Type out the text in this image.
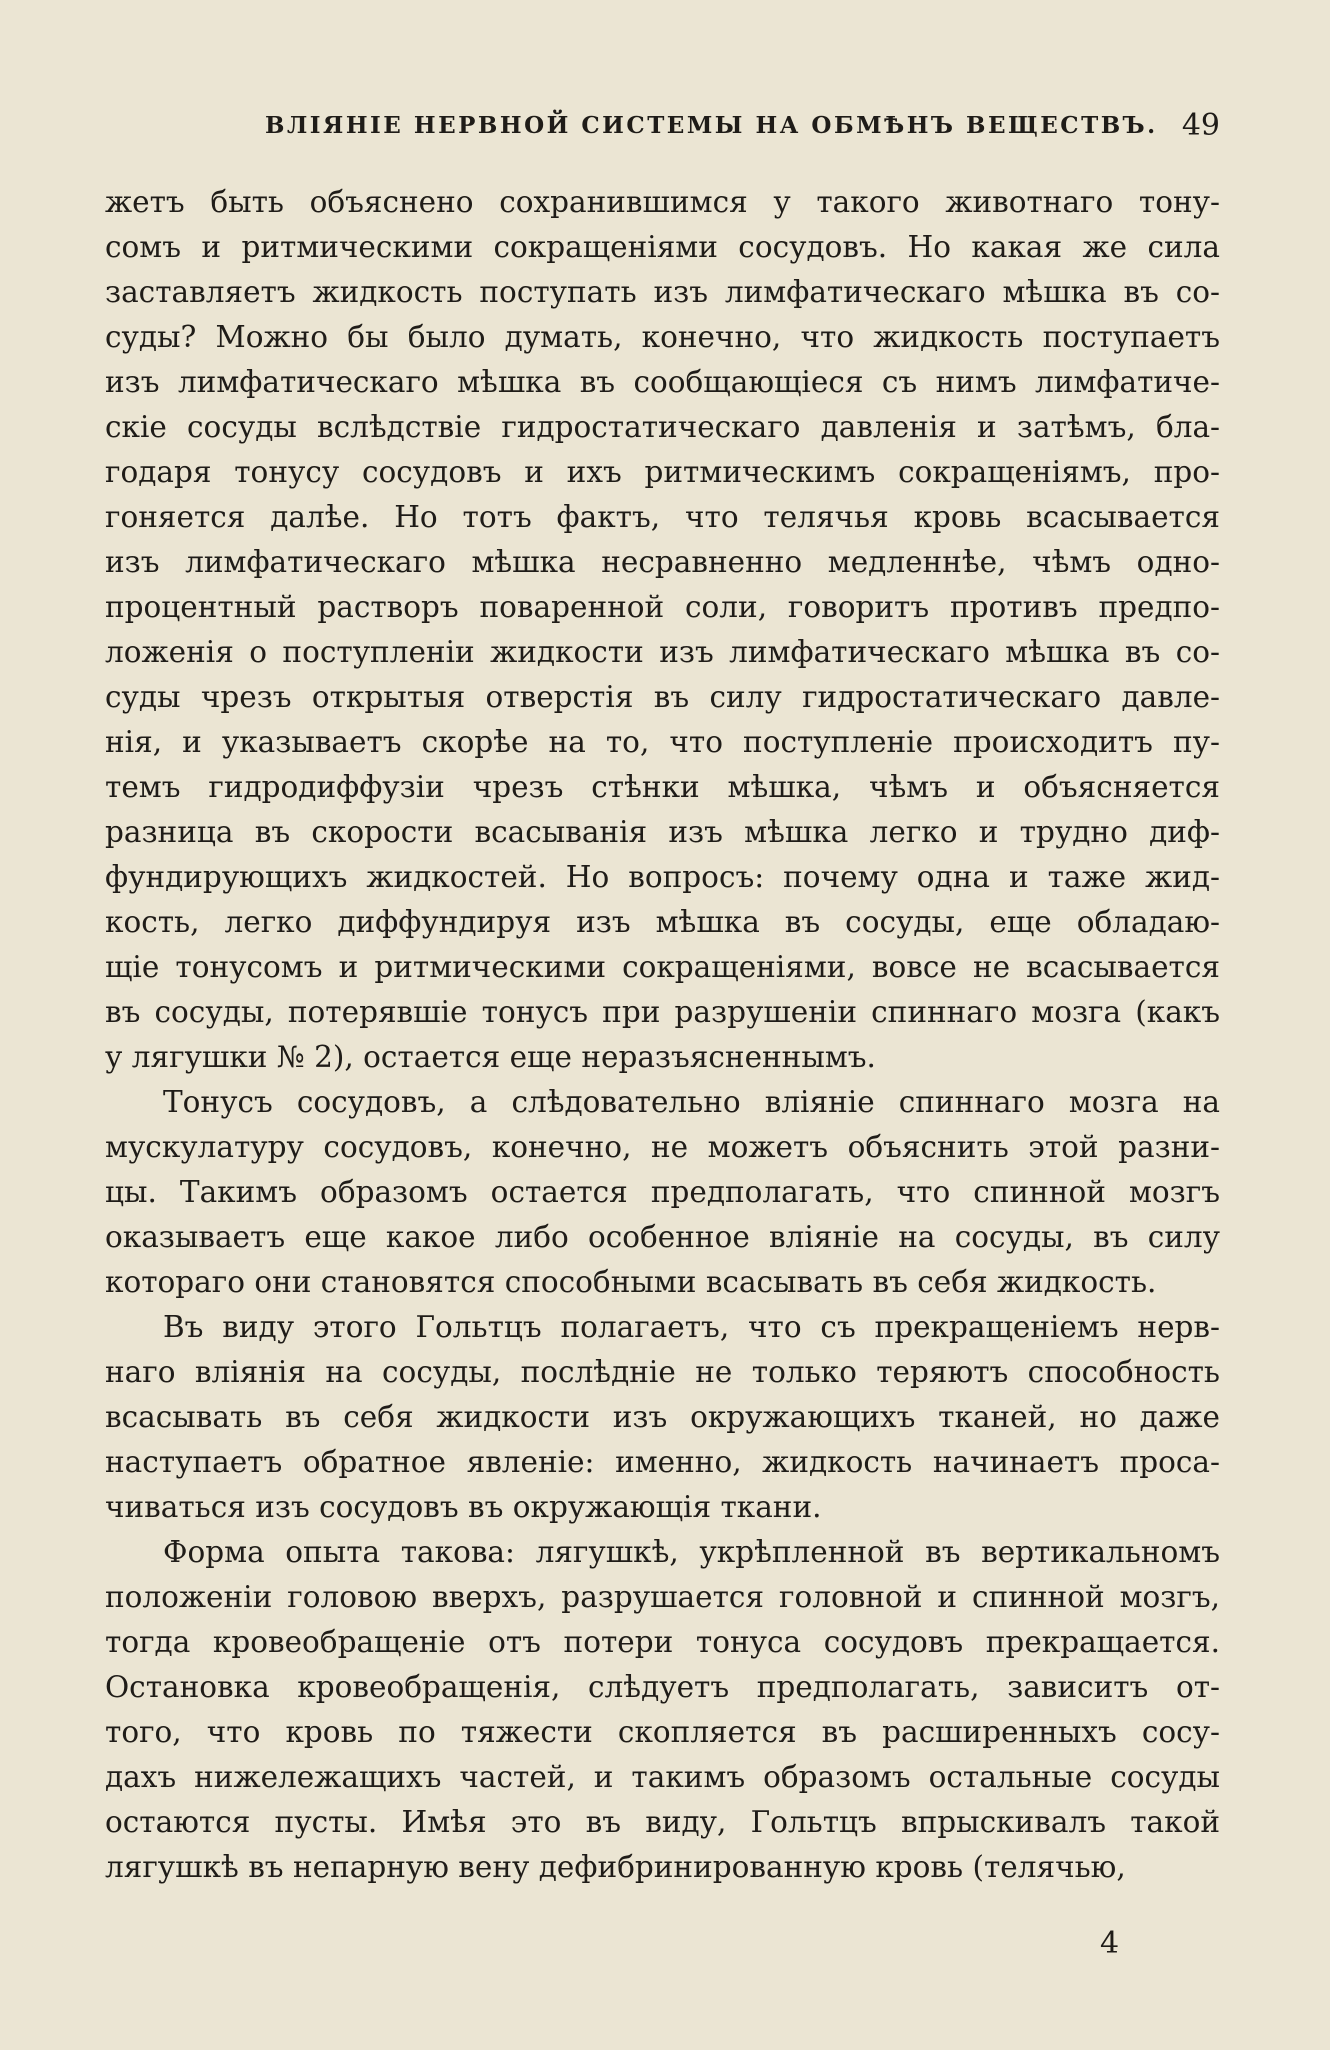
ВЛІЯНІЕ НЕРВНОЙ СИСТЕМЫ НА ОБМѢНЪ ВЕЩЕСТВЪ. 49
жетъ быть объяснено сохранившимся у такого животнаго тону-
сомъ и ритмическими сокращеніями сосудовъ. Но какая же сила
заставляетъ жидкость поступать изъ лимфатическаго мѣшка въ со-
суды? Можно бы было думать, конечно, что жидкость поступаетъ
изъ лимфатическаго мѣшка въ сообщающіеся съ нимъ лимфатиче-
скіе сосуды вслѣдствіе гидростатическаго давленія и затѣмъ, бла-
годаря тонусу сосудовъ и ихъ ритмическимъ сокращеніямъ, про-
гоняется далѣе. Но тотъ фактъ, что телячья кровь всасывается
изъ лимфатическаго мѣшка несравненно медленнѣе, чѣмъ одно-
процентный растворъ поваренной соли, говоритъ противъ предпо-
ложенія о поступленіи жидкости изъ лимфатическаго мѣшка въ со-
суды чрезъ открытыя отверстія въ силу гидростатическаго давле-
нія, и указываетъ скорѣе на то, что поступленіе происходитъ пу-
темъ гидродиффузіи чрезъ стѣнки мѣшка, чѣмъ и объясняется
разница въ скорости всасыванія изъ мѣшка легко и трудно диф-
фундирующихъ жидкостей. Но вопросъ: почему одна и таже жид-
кость, легко диффундируя изъ мѣшка въ сосуды, еще обладаю-
щіе тонусомъ и ритмическими сокращеніями, вовсе не всасывается
въ сосуды, потерявшіе тонусъ при разрушеніи спиннаго мозга (какъ
у лягушки № 2), остается еще неразъясненнымъ.
Тонусъ сосудовъ, а слѣдовательно вліяніе спиннаго мозга на
мускулатуру сосудовъ, конечно, не можетъ объяснить этой разни-
цы. Такимъ образомъ остается предполагать, что спинной мозгъ
оказываетъ еще какое либо особенное вліяніе на сосуды, въ силу
котораго они становятся способными всасывать въ себя жидкость.
Въ виду этого Гольтцъ полагаетъ, что съ прекращеніемъ нерв-
наго вліянія на сосуды, послѣдніе не только теряютъ способность
всасывать въ себя жидкости изъ окружающихъ тканей, но даже
наступаетъ обратное явленіе: именно, жидкость начинаетъ проса-
чиваться изъ сосудовъ въ окружающія ткани.
Форма опыта такова: лягушкѣ, укрѣпленной въ вертикальномъ
положеніи головою вверхъ, разрушается головной и спинной мозгъ,
тогда кровеобращеніе отъ потери тонуса сосудовъ прекращается.
Остановка кровеобращенія, слѣдуетъ предполагать, зависитъ от-
того, что кровь по тяжести скопляется въ расширенныхъ сосу-
дахъ нижележащихъ частей, и такимъ образомъ остальные сосуды
остаются пусты. Имѣя это въ виду, Гольтцъ впрыскивалъ такой
лягушкѣ въ непарную вену дефибринированную кровь (телячью,
4
